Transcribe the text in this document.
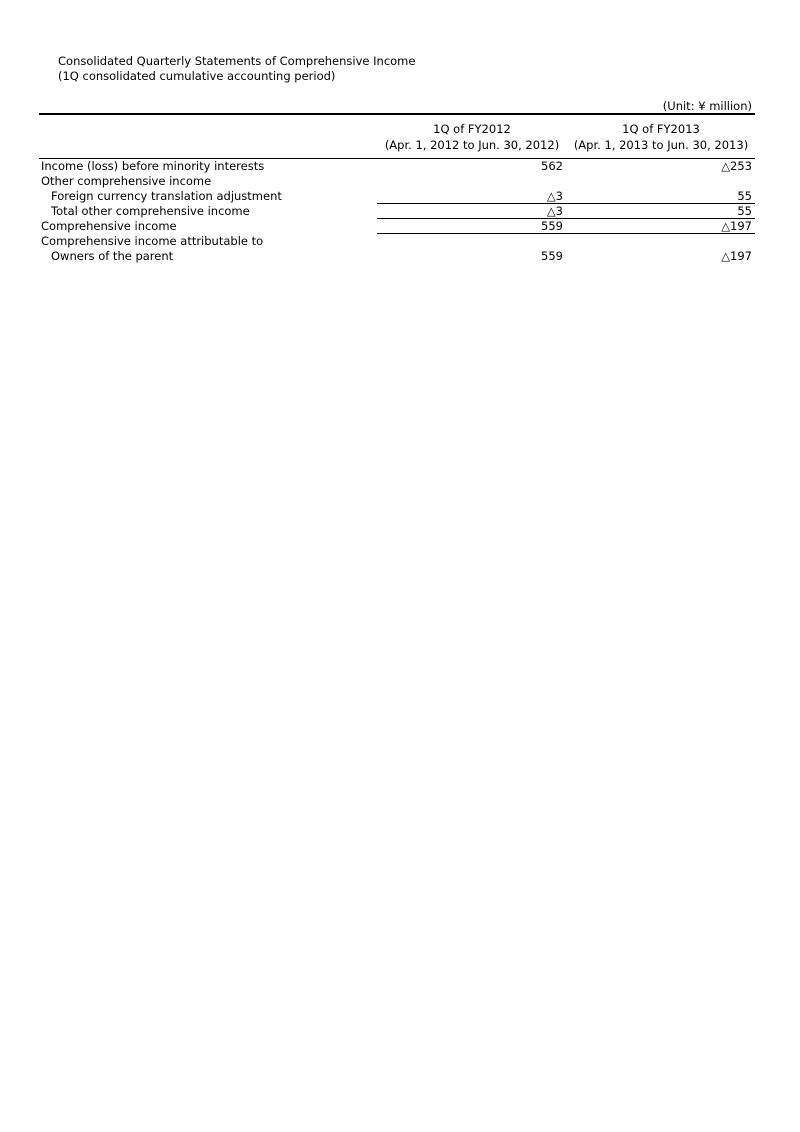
Consolidated Quarterly Statements of Comprehensive Income
(1Q consolidated cumulative accounting period)
(Unit: ¥ million)
1Q of FY2012
(Apr. 1, 2012 to Jun. 30, 2012)
1Q of FY2013
(Apr. 1, 2013 to Jun. 30, 2013)
Income (loss) before minority interests	562	△253
Other comprehensive income
Foreign currency translation adjustment	△3	55
Total other comprehensive income	△3	55
Comprehensive income	559	△197
Comprehensive income attributable to
Owners of the parent	559	△197
